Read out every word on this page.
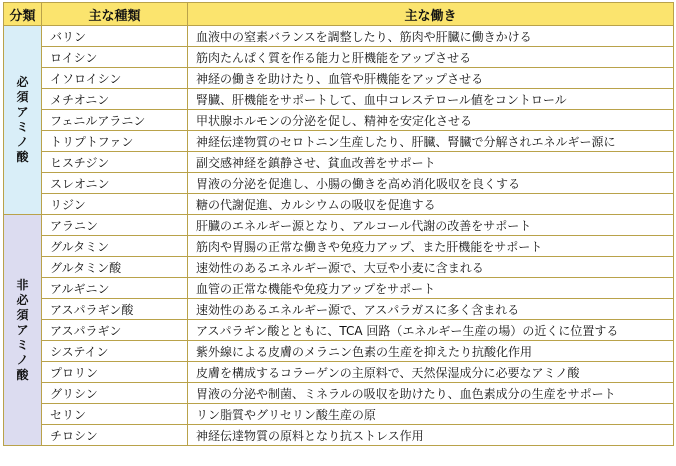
分類	主な種類	主な働き
必須アミノ酸	バリン	血液中の窒素バランスを調整したり、筋肉や肝臓に働きかける
	ロイシン	筋肉たんぱく質を作る能力と肝機能をアップさせる
	イソロイシン	神経の働きを助けたり、血管や肝機能をアップさせる
	メチオニン	腎臓、肝機能をサポートして、血中コレステロール値をコントロール
	フェニルアラニン	甲状腺ホルモンの分泌を促し、精神を安定化させる
	トリプトファン	神経伝達物質のセロトニン生産したり、肝臓、腎臓で分解されエネルギー源に
	ヒスチジン	副交感神経を鎮静させ、貧血改善をサポート
	スレオニン	胃液の分泌を促進し、小腸の働きを高め消化吸収を良くする
	リジン	糖の代謝促進、カルシウムの吸収を促進する
非必須アミノ酸	アラニン	肝臓のエネルギー源となり、アルコール代謝の改善をサポート
	グルタミン	筋肉や胃腸の正常な働きや免疫力アップ、また肝機能をサポート
	グルタミン酸	速効性のあるエネルギー源で、大豆や小麦に含まれる
	アルギニン	血管の正常な機能や免疫力アップをサポート
	アスパラギン酸	速効性のあるエネルギー源で、アスパラガスに多く含まれる
	アスパラギン	アスパラギン酸とともに、TCA 回路（エネルギー生産の場）の近くに位置する
	システイン	紫外線による皮膚のメラニン色素の生産を抑えたり抗酸化作用
	プロリン	皮膚を構成するコラーゲンの主原料で、天然保湿成分に必要なアミノ酸
	グリシン	胃液の分泌や制菌、ミネラルの吸収を助けたり、血色素成分の生産をサポート
	セリン	リン脂質やグリセリン酸生産の原
	チロシン	神経伝達物質の原料となり抗ストレス作用
